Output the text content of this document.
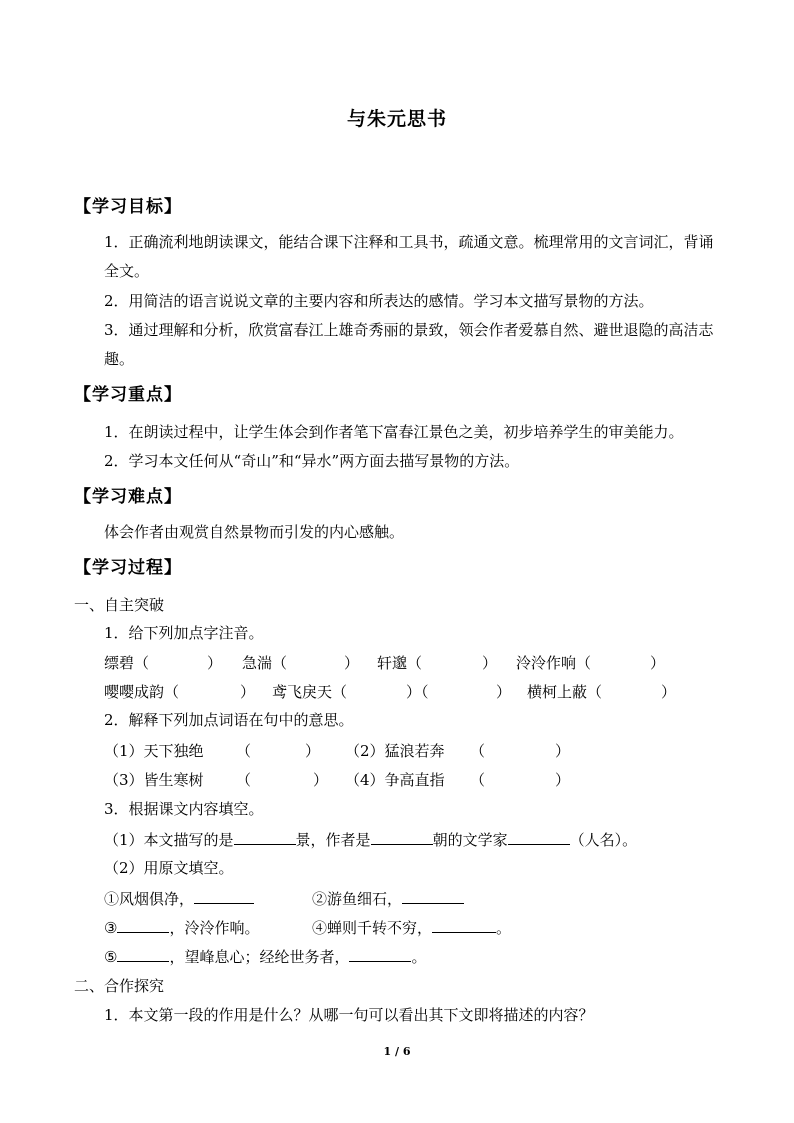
与朱元思书
【学习目标】
1．正确流利地朗读课文，能结合课下注释和工具书，疏通文意。梳理常用的文言词汇，背诵全文。
2．用简洁的语言说说文章的主要内容和所表达的感情。学习本文描写景物的方法。
3．通过理解和分析，欣赏富春江上雄奇秀丽的景致，领会作者爱慕自然、避世退隐的高洁志趣。
【学习重点】
1．在朗读过程中，让学生体会到作者笔下富春江景色之美，初步培养学生的审美能力。
2．学习本文任何从“奇山”和“异水”两方面去描写景物的方法。
【学习难点】
体会作者由观赏自然景物而引发的内心感触。
【学习过程】
一、自主突破
1．给下列加点字注音。
缥碧（	） 急湍（	） 轩邈（	） 泠泠作响（	）
嘤嘤成韵（	） 鸢飞戾天（	）（	） 横柯上蔽（	）
2．解释下列加点词语在句中的意思。
（1）天下独绝 （	） （2）猛浪若奔 （	）
（3）皆生寒树 （	） （4）争高直指 （	）
3．根据课文内容填空。
（1）本文描写的是	景，作者是	朝的文学家	（人名）。
（2）用原文填空。
①风烟俱净，	②游鱼细石，
③	，泠泠作响。	④蝉则千转不穷，	。
⑤	，望峰息心；经纶世务者，	。
二、合作探究
1．本文第一段的作用是什么？从哪一句可以看出其下文即将描述的内容？
1 / 6
